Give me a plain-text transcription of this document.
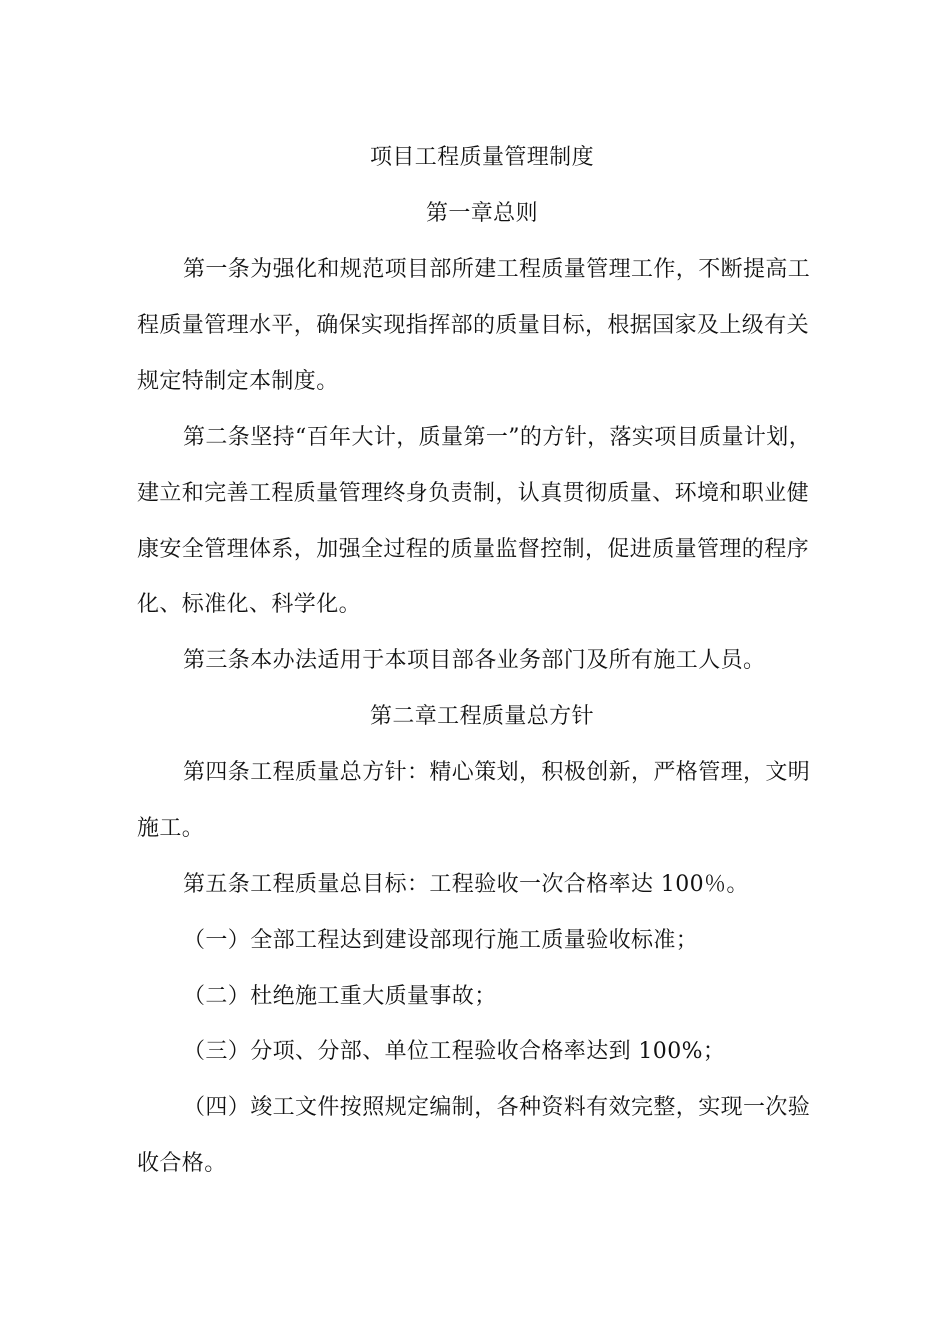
项目工程质量管理制度
第一章总则
第一条为强化和规范项目部所建工程质量管理工作，不断提高工
程质量管理水平，确保实现指挥部的质量目标，根据国家及上级有关
规定特制定本制度。
第二条坚持“百年大计，质量第一”的方针，落实项目质量计划，
建立和完善工程质量管理终身负责制，认真贯彻质量、环境和职业健
康安全管理体系，加强全过程的质量监督控制，促进质量管理的程序
化、标准化、科学化。
第三条本办法适用于本项目部各业务部门及所有施工人员。
第二章工程质量总方针
第四条工程质量总方针：精心策划，积极创新，严格管理，文明
施工。
第五条工程质量总目标：工程验收一次合格率达 100％。
（一）全部工程达到建设部现行施工质量验收标准；
（二）杜绝施工重大质量事故；
（三）分项、分部、单位工程验收合格率达到 100%；
（四）竣工文件按照规定编制，各种资料有效完整，实现一次验
收合格。
